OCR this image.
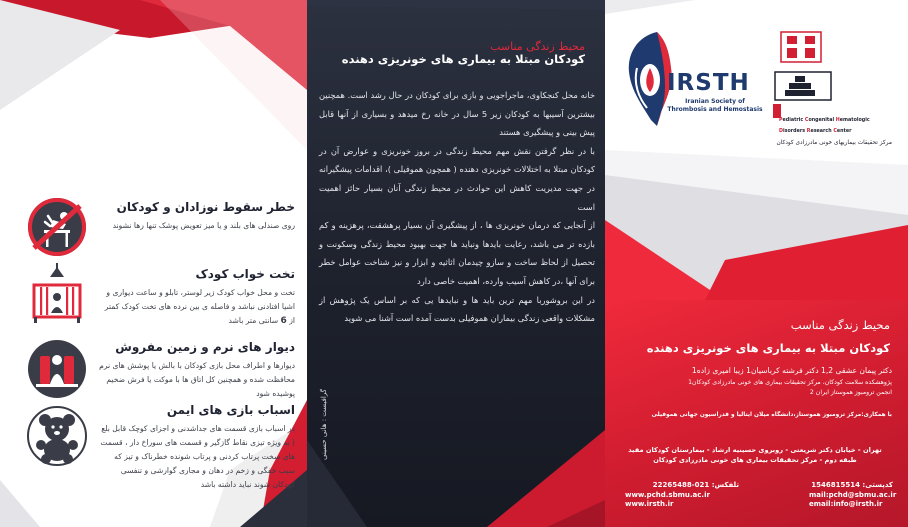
خطر سقوط نوزادان و کودکان
روی صندلی های بلند و یا میز تعویض پوشک تنها رها نشوند
تخت خواب کودک
تخت و محل خواب کودک زیر لوستر، تابلو و ساعت دیواری و اشیا افتادنی نباشد و فاصله ی بین نرده های تخت کودک کمتر از 6 سانتی متر باشد
دیوار های نرم و زمین مفروش
دیوارها و اطراف محل بازی کودکان با بالش یا پوشش های نرم محافظت شده و همچنین کل اتاق ها با موکت یا فرش ضخیم پوشیده شود
اسباب بازی های ایمن
در اسباب بازی قسمت های جداشدنی و اجزای کوچک قابل بلع ( به ویژه تیزی نقاط گازگیر و قسمت های سوراخ دار ، قسمت های سخت پرتاب کردنی و پرتاب شونده خطرناک و تیز که سبب خفگی و زخم در دهان و مجاری گوارشی و تنفسی کودکان شوند نباید داشته باشد
محیط زندگی مناسب
کودکان مبتلا به بیماری های خونریزی دهنده

خانه محل کنجکاوی، ماجراجویی و بازی برای کودکان در حال رشد است. همچنین بیشترین آسیبها به کودکان زیر 5 سال در خانه رخ میدهد و بسیاری از آنها قابل پیش بینی و پیشگیری هستند

با در نظر گرفتن نقش مهم محیط زندگی در بروز خونریزی و عوارض آن در کودکان مبتلا به اختلالات خونریزی دهنده ( همچون هموفیلی )، اقدامات پیشگیرانه در جهت مدیریت کاهش این حوادث در محیط زندگی آنان بسیار حائز اهمیت است

از آنجایی که درمان خونریزی ها ، از پیشگیری آن بسیار پرهشقت، پرهزینه و کم بازده تر می باشد، رعایت بایدها ونباید ها جهت بهبود محیط زندگی وسکونت و تحصیل از لحاظ ساخت و سازو چیدمان اثاثیه و ابزار و نیز شناخت عوامل خطر برای آنها ،در کاهش آسیب وارده، اهمیت خاصی دارد

در این بروشوربا مهم ترین باید ها و نبایدها یی که بر اساس یک پژوهش از مشکلات واقعی زندگی بیماران هموفیلی بدست آمده است آشنا می شوید

گرافیست : هانی حسینی
IRSTH
Iranian Society of
Thrombosis and Hemostasis
Pediatric Congenital Hematologic
Disorders Research Center
مرکز تحقیقات بیماریهای خونی مادرزادی کودکان
محیط زندگی مناسب
کودکان مبتلا به بیماری های خونریزی دهنده
دکتر پیمان عشقی 1,2 دکتر فرشته کرباسیان1 زیبا امیری زاده1
پژوهشکده سلامت کودکان، مرکز تحقیقات بیماری های خونی مادرزادی کودکان1
انجمن ترومبوز هموستاز ایران 2
با همکاری:مرکز ترومبوز هموستاز،دانشگاه میلان ایتالیا و فدراسیون جهانی هموفیلی
تهران - خیابان دکتر شریعتی - روبروی حسینیه ارشاد - بیمارستان کودکان مفید
طبقه دوم - مرکز تحقیقات بیماری های خونی مادرزادی کودکان
تلفکس: 021-22265488
www.pchd.sbmu.ac.ir
www.irsth.ir
کدپستی: 1546815514
mail:pchd@sbmu.ac.ir
email:info@irsth.ir
